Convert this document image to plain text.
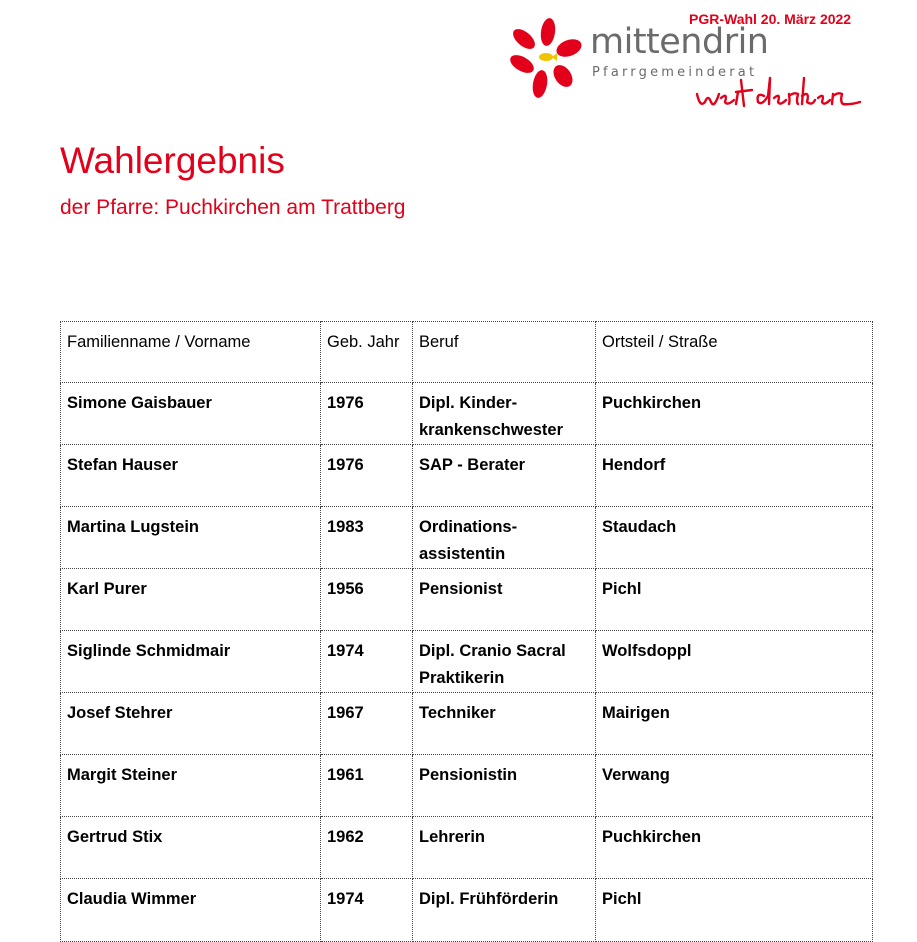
PGR-Wahl 20. März 2022
mittendrin
Pfarrgemeinderat
Wahlergebnis
der Pfarre: Puchkirchen am Trattberg
Familienname / Vorname	Geb. Jahr	Beruf	Ortsteil / Straße
Simone Gaisbauer	1976	Dipl. Kinder-krankenschwester	Puchkirchen
Stefan Hauser	1976	SAP - Berater	Hendorf
Martina Lugstein	1983	Ordinations-assistentin	Staudach
Karl Purer	1956	Pensionist	Pichl
Siglinde Schmidmair	1974	Dipl. Cranio Sacral Praktikerin	Wolfsdoppl
Josef Stehrer	1967	Techniker	Mairigen
Margit Steiner	1961	Pensionistin	Verwang
Gertrud Stix	1962	Lehrerin	Puchkirchen
Claudia Wimmer	1974	Dipl. Frühförderin	Pichl
